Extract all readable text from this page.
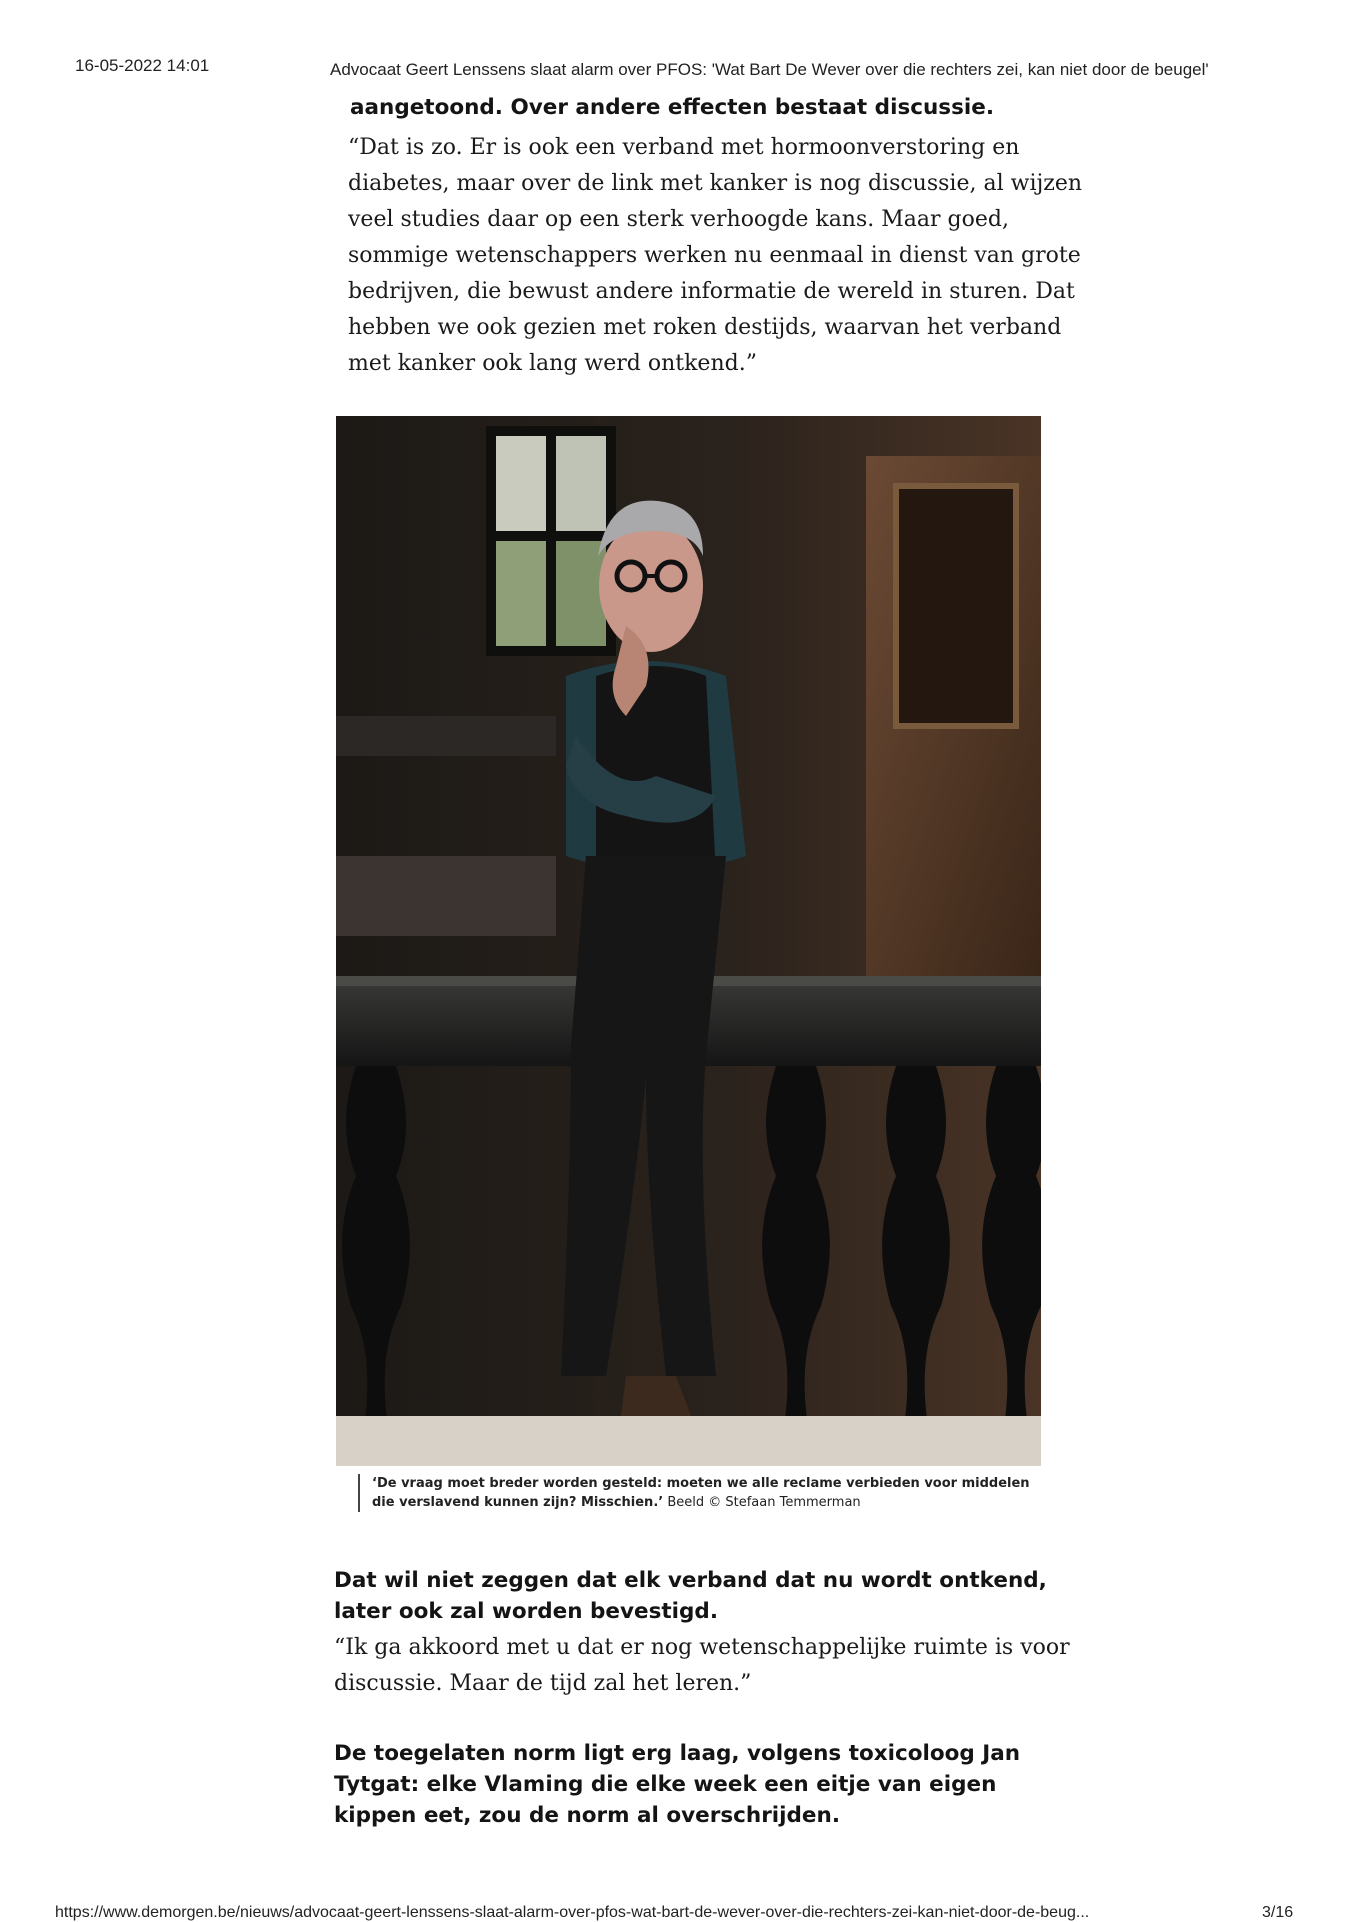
16-05-2022 14:01	Advocaat Geert Lenssens slaat alarm over PFOS: 'Wat Bart De Wever over die rechters zei, kan niet door de beugel'

aangetoond. Over andere effecten bestaat discussie.

“Dat is zo. Er is ook een verband met hormoonverstoring en
diabetes, maar over de link met kanker is nog discussie, al wijzen
veel studies daar op een sterk verhoogde kans. Maar goed,
sommige wetenschappers werken nu eenmaal in dienst van grote
bedrijven, die bewust andere informatie de wereld in sturen. Dat
hebben we ook gezien met roken destijds, waarvan het verband
met kanker ook lang werd ontkend.”
‘De vraag moet breder worden gesteld: moeten we alle reclame verbieden voor middelen die verslavend kunnen zijn? Misschien.’ Beeld © Stefaan Temmerman
Dat wil niet zeggen dat elk verband dat nu wordt ontkend,
later ook zal worden bevestigd.
“Ik ga akkoord met u dat er nog wetenschappelijke ruimte is voor
discussie. Maar de tijd zal het leren.”
De toegelaten norm ligt erg laag, volgens toxicoloog Jan
Tytgat: elke Vlaming die elke week een eitje van eigen
kippen eet, zou de norm al overschrijden.
https://www.demorgen.be/nieuws/advocaat-geert-lenssens-slaat-alarm-over-pfos-wat-bart-de-wever-over-die-rechters-zei-kan-niet-door-de-beug...	3/16
